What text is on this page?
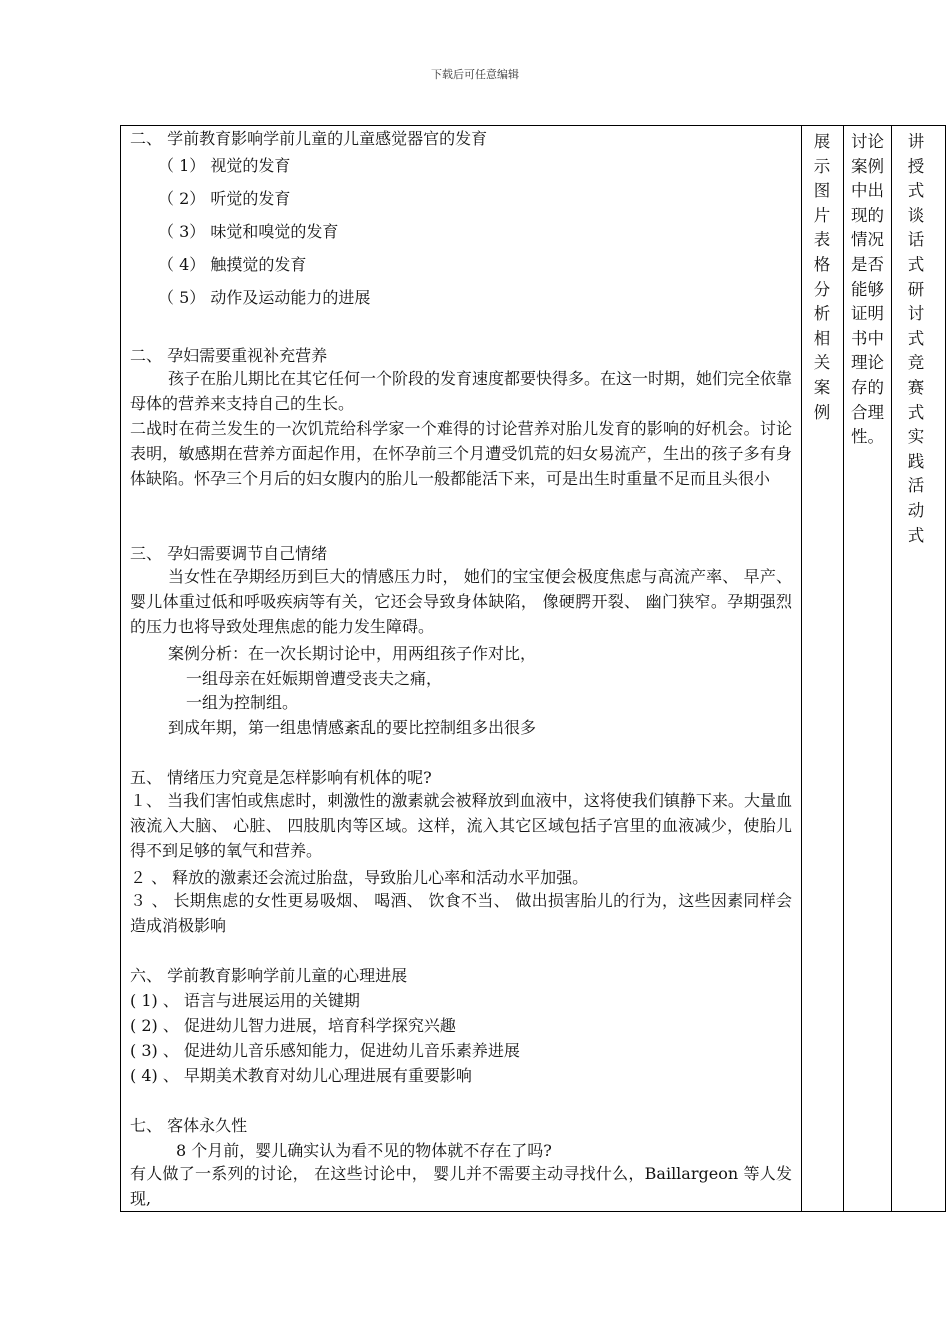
下载后可任意编辑
二、 学前教育影响学前儿童的儿童感觉器官的发育
（ 1） 视觉的发育
（ 2） 听觉的发育
（ 3） 味觉和嗅觉的发育
（ 4） 触摸觉的发育
（ 5） 动作及运动能力的进展
二、 孕妇需要重视补充营养
孩子在胎儿期比在其它任何一个阶段的发育速度都要快得多。在这一时期，她们完全依靠母体的营养来支持自己的生长。
二战时在荷兰发生的一次饥荒给科学家一个难得的讨论营养对胎儿发育的影响的好机会。讨论表明，敏感期在营养方面起作用，在怀孕前三个月遭受饥荒的妇女易流产，生出的孩子多有身体缺陷。怀孕三个月后的妇女腹内的胎儿一般都能活下来，可是出生时重量不足而且头很小
三、 孕妇需要调节自己情绪
当女性在孕期经历到巨大的情感压力时， 她们的宝宝便会极度焦虑与高流产率、 早产、 婴儿体重过低和呼吸疾病等有关，它还会导致身体缺陷， 像硬腭开裂、 幽门狭窄。孕期强烈的压力也将导致处理焦虑的能力发生障碍。
案例分析：在一次长期讨论中，用两组孩子作对比，
一组母亲在妊娠期曾遭受丧夫之痛，
一组为控制组。
到成年期，第一组患情感紊乱的要比控制组多出很多
五、 情绪压力究竟是怎样影响有机体的呢?
１、 当我们害怕或焦虑时，刺激性的激素就会被释放到血液中，这将使我们镇静下来。大量血液流入大脑、 心脏、 四肢肌肉等区域。这样，流入其它区域包括子宫里的血液减少，使胎儿得不到足够的氧气和营养。
２ 、 释放的激素还会流过胎盘，导致胎儿心率和活动水平加强。
３ 、 长期焦虑的女性更易吸烟、 喝酒、 饮食不当、 做出损害胎儿的行为，这些因素同样会造成消极影响
六、 学前教育影响学前儿童的心理进展
( 1) 、 语言与进展运用的关键期
( 2) 、 促进幼儿智力进展，培育科学探究兴趣
( 3) 、 促进幼儿音乐感知能力，促进幼儿音乐素养进展
( 4) 、 早期美术教育对幼儿心理进展有重要影响
七、 客体永久性
8 个月前，婴儿确实认为看不见的物体就不存在了吗?
有人做了一系列的讨论， 在这些讨论中， 婴儿并不需要主动寻找什么，Baillargeon 等人发现,
展示图片表格 分析相关案例
讨论案例中出现的情况是否能够证明书中理论存的合理性。
讲授式谈话式研讨式竞赛式实践活动式
